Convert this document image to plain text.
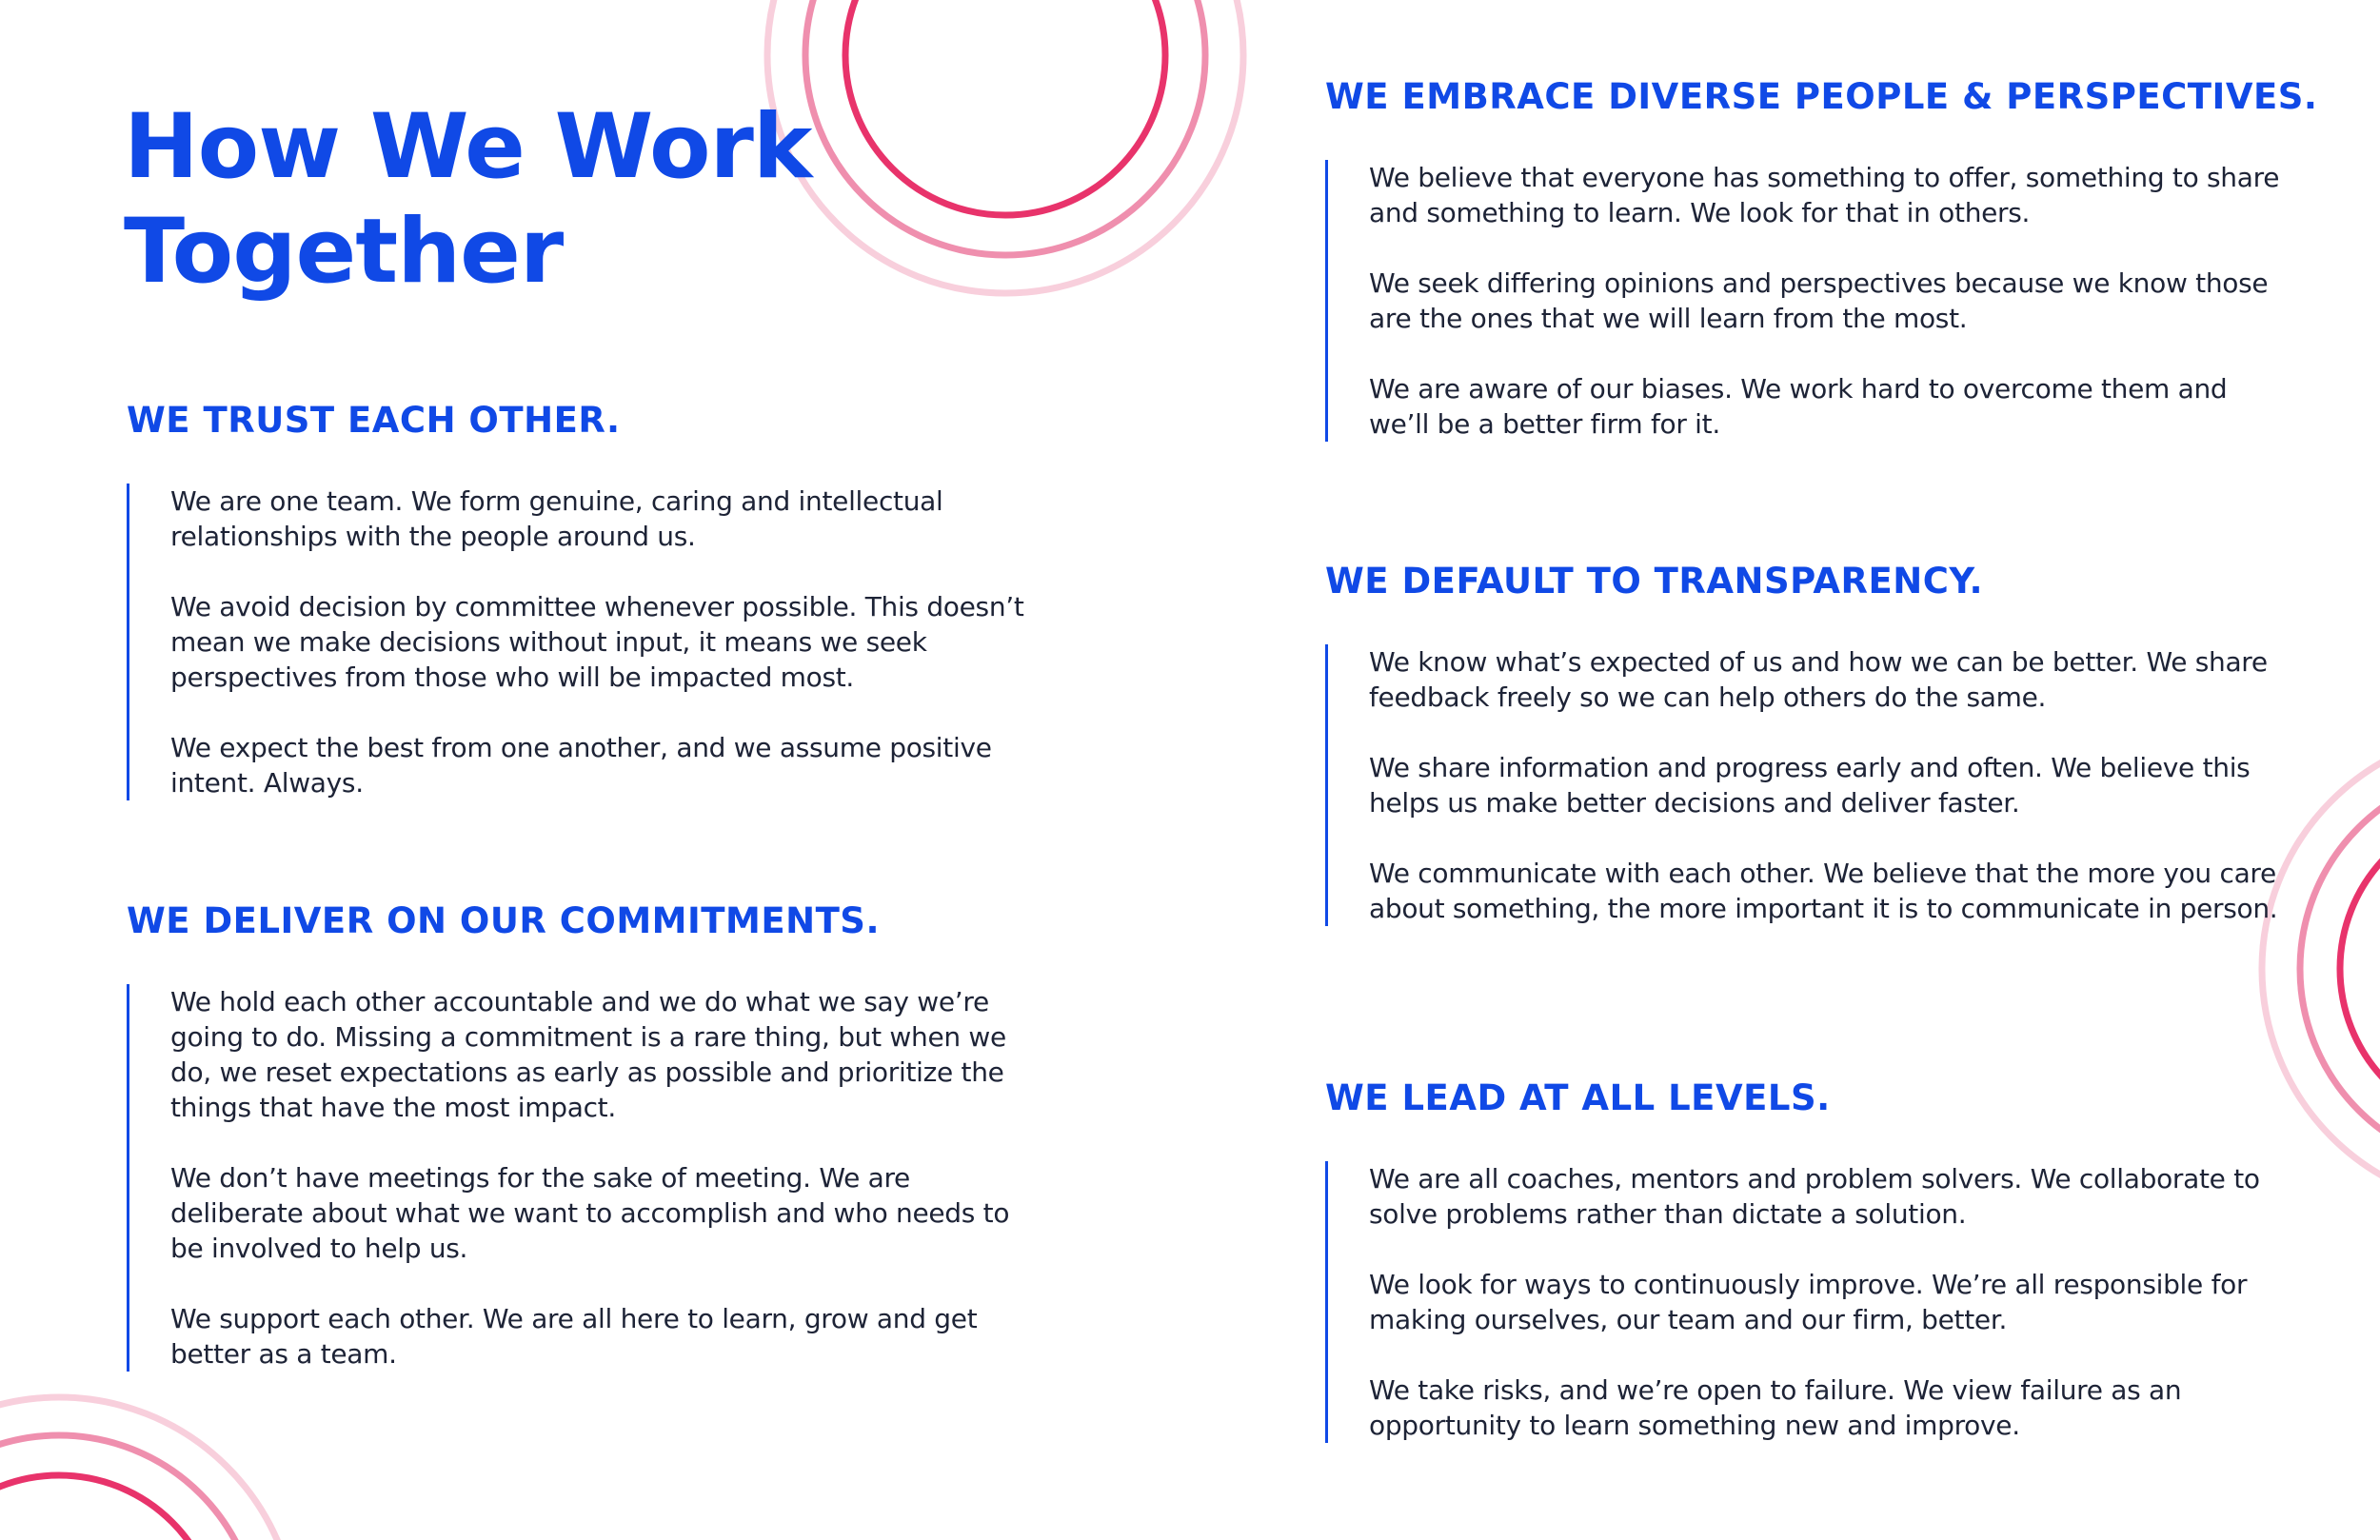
How We Work
Together
WE TRUST EACH OTHER.

We are one team. We form genuine, caring and intellectual relationships with the people around us.

We avoid decision by committee whenever possible. This doesn’t mean we make decisions without input, it means we seek perspectives from those who will be impacted most.

We expect the best from one another, and we assume positive intent. Always.

WE DELIVER ON OUR COMMITMENTS.

We hold each other accountable and we do what we say we’re going to do. Missing a commitment is a rare thing, but when we do, we reset expectations as early as possible and prioritize the things that have the most impact.

We don’t have meetings for the sake of meeting. We are deliberate about what we want to accomplish and who needs to be involved to help us.

We support each other. We are all here to learn, grow and get better as a team.

WE EMBRACE DIVERSE PEOPLE & PERSPECTIVES.

We believe that everyone has something to offer, something to share and something to learn. We look for that in others.

We seek differing opinions and perspectives because we know those are the ones that we will learn from the most.

We are aware of our biases. We work hard to overcome them and we’ll be a better firm for it.

WE DEFAULT TO TRANSPARENCY.

We know what’s expected of us and how we can be better. We share feedback freely so we can help others do the same.

We share information and progress early and often. We believe this helps us make better decisions and deliver faster.

We communicate with each other. We believe that the more you care about something, the more important it is to communicate in person.

WE LEAD AT ALL LEVELS.

We are all coaches, mentors and problem solvers. We collaborate to solve problems rather than dictate a solution.

We look for ways to continuously improve. We’re all responsible for making ourselves, our team and our firm, better.

We take risks, and we’re open to failure. We view failure as an opportunity to learn something new and improve.
